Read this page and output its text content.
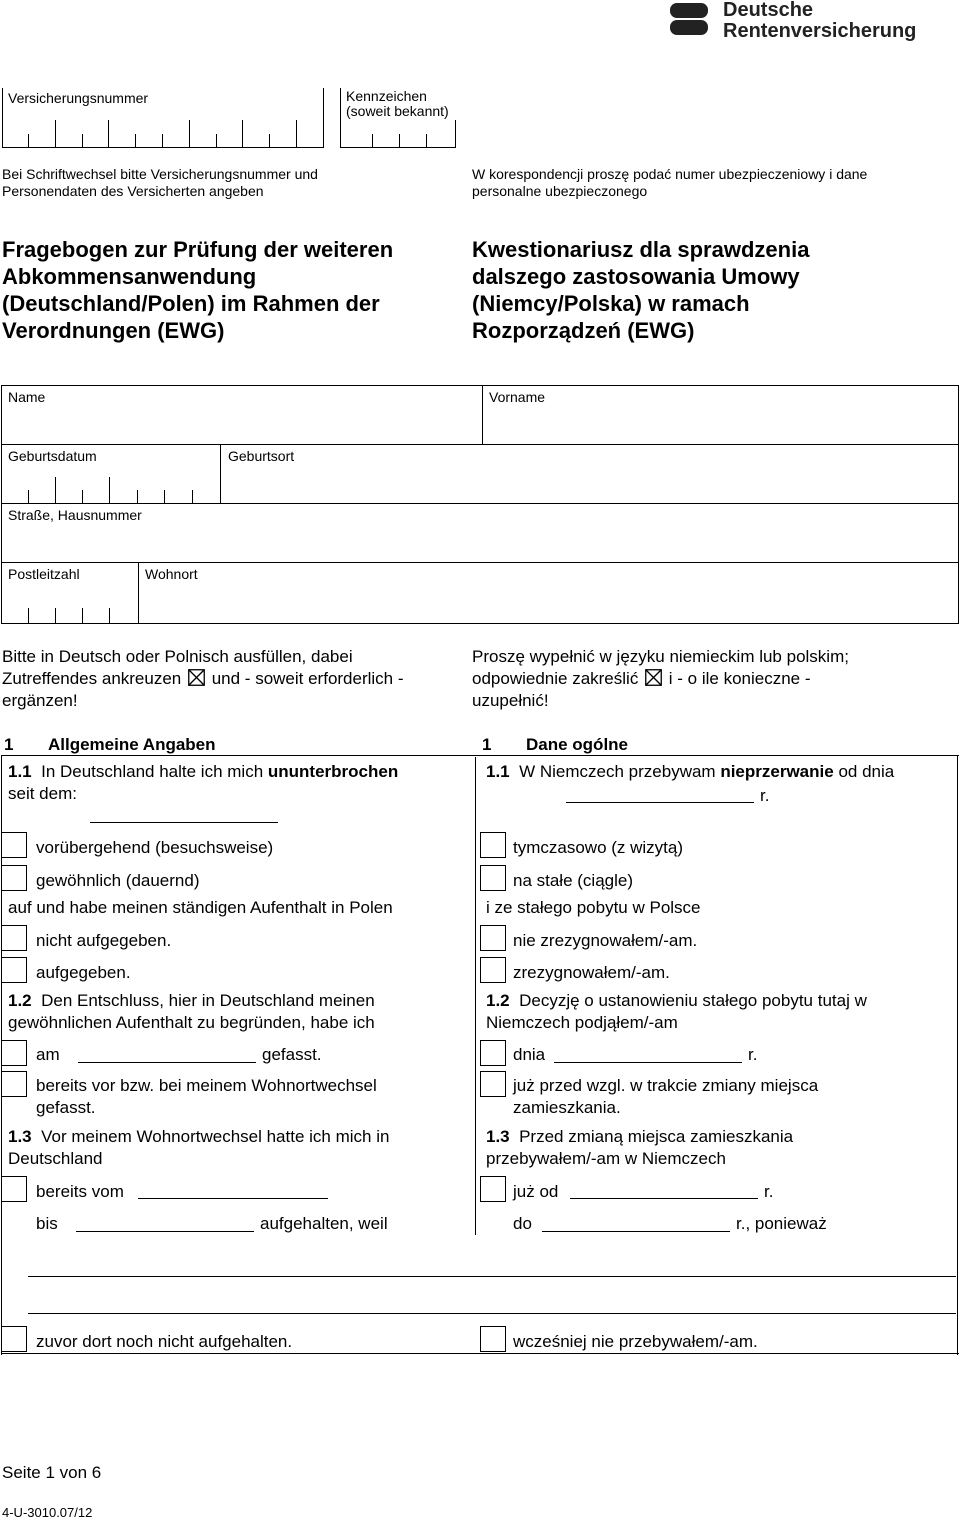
Deutsche
Rentenversicherung
Versicherungsnummer	Kennzeichen
(soweit bekannt)
Bei Schriftwechsel bitte Versicherungsnummer und
Personendaten des Versicherten angeben
W korespondencji proszę podać numer ubezpieczeniowy i dane
personalne ubezpieczonego
Fragebogen zur Prüfung der weiteren
Abkommensanwendung
(Deutschland/Polen) im Rahmen der
Verordnungen (EWG)
Kwestionariusz dla sprawdzenia
dalszego zastosowania Umowy
(Niemcy/Polska) w ramach
Rozporządzeń (EWG)
Name	Vorname
Geburtsdatum	Geburtsort
Straße, Hausnummer
Postleitzahl	Wohnort
Bitte in Deutsch oder Polnisch ausfüllen, dabei
Zutreffendes ankreuzen und - soweit erforderlich -
ergänzen!
Proszę wypełnić w języku niemieckim lub polskim;
odpowiednie zakreślić i - o ile konieczne -
uzupełnić!
1 Allgemeine Angaben	1 Dane ogólne
1.1 In Deutschland halte ich mich ununterbrochen
seit dem:
1.1 W Niemczech przebywam nieprzerwanie od dnia
r.
vorübergehend (besuchsweise)	tymczasowo (z wizytą)
gewöhnlich (dauernd)	na stałe (ciągle)
auf und habe meinen ständigen Aufenthalt in Polen	i ze stałego pobytu w Polsce
nicht aufgegeben.	nie zrezygnowałem/-am.
aufgegeben.	zrezygnowałem/-am.
1.2 Den Entschluss, hier in Deutschland meinen
gewöhnlichen Aufenthalt zu begründen, habe ich
1.2 Decyzję o ustanowieniu stałego pobytu tutaj w
Niemczech podjąłem/-am
am	gefasst.	dnia	r.
bereits vor bzw. bei meinem Wohnortwechsel
gefasst.
już przed wzgl. w trakcie zmiany miejsca
zamieszkania.
1.3 Vor meinem Wohnortwechsel hatte ich mich in
Deutschland
1.3 Przed zmianą miejsca zamieszkania
przebywałem/-am w Niemczech
bereits vom	już od	r.
bis	aufgehalten, weil	do	r., ponieważ
zuvor dort noch nicht aufgehalten.	wcześniej nie przebywałem/-am.
Seite 1 von 6
4-U-3010.07/12
